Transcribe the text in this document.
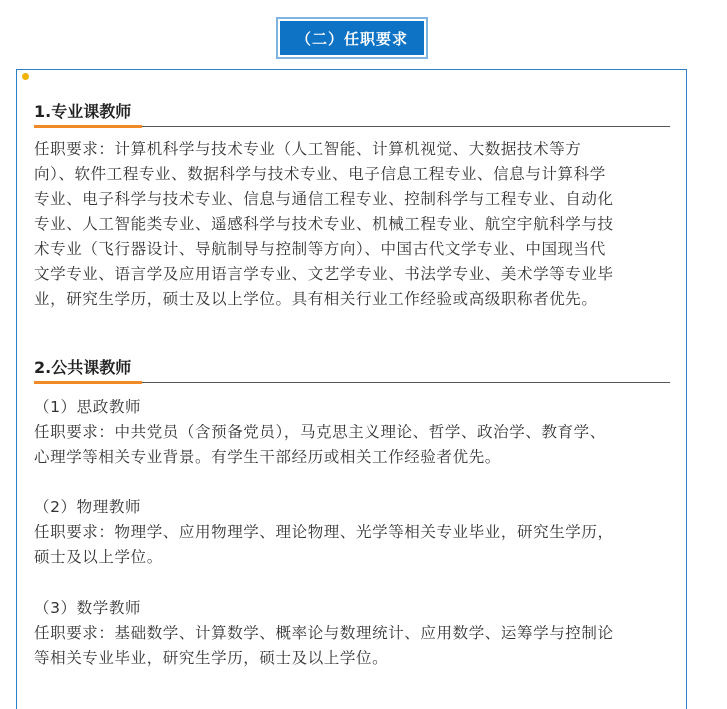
（二）任职要求
1.专业课教师
任职要求：计算机科学与技术专业（人工智能、计算机视觉、大数据技术等方
向）、软件工程专业、数据科学与技术专业、电子信息工程专业、信息与计算科学
专业、电子科学与技术专业、信息与通信工程专业、控制科学与工程专业、自动化
专业、人工智能类专业、遥感科学与技术专业、机械工程专业、航空宇航科学与技
术专业（飞行器设计、导航制导与控制等方向）、中国古代文学专业、中国现当代
文学专业、语言学及应用语言学专业、文艺学专业、书法学专业、美术学等专业毕
业，研究生学历，硕士及以上学位。具有相关行业工作经验或高级职称者优先。
2.公共课教师
（1）思政教师
任职要求：中共党员（含预备党员），马克思主义理论、哲学、政治学、教育学、
心理学等相关专业背景。有学生干部经历或相关工作经验者优先。
（2）物理教师
任职要求：物理学、应用物理学、理论物理、光学等相关专业毕业，研究生学历，
硕士及以上学位。
（3）数学教师
任职要求：基础数学、计算数学、概率论与数理统计、应用数学、运筹学与控制论
等相关专业毕业，研究生学历，硕士及以上学位。
